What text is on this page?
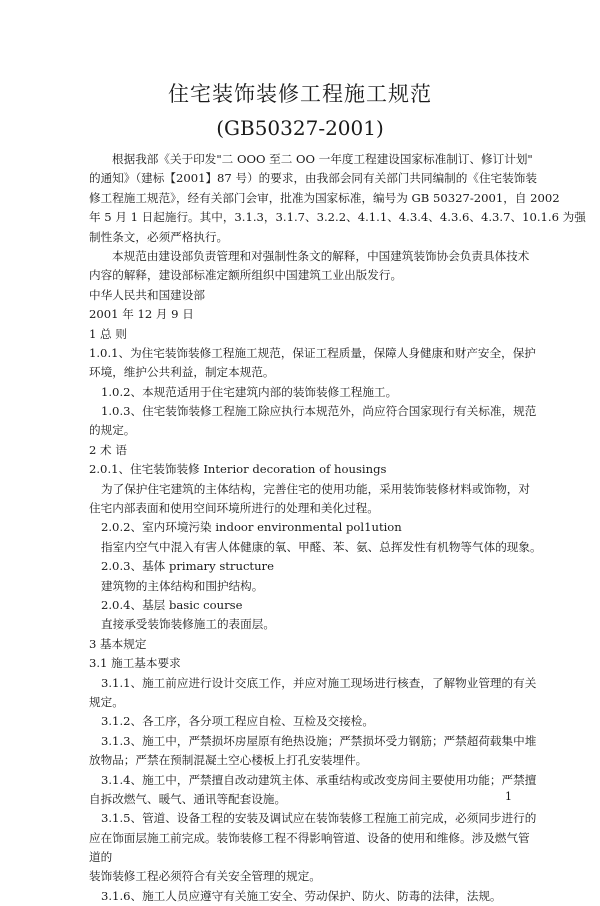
住宅装饰装修工程施工规范
(GB50327-2001)
根据我部《关于印发"二 OOO 至二 OO 一年度工程建设国家标准制订、修订计划"
的通知》（建标【2001】87 号）的要求，由我部会同有关部门共同编制的《住宅装饰装
修工程施工规范》，经有关部门会审，批准为国家标准，编号为 GB 50327-2001，自 2002
年 5 月 1 日起施行。其中，3.1.3，3.1.7、3.2.2、4.1.1、4.3.4、4.3.6、4.3.7、10.1.6 为强
制性条文，必须严格执行。
本规范由建设部负责管理和对强制性条文的解释，中国建筑装饰协会负责具体技术
内容的解释，建设部标准定额所组织中国建筑工业出版发行。
中华人民共和国建设部
2001 年 12 月 9 日
1 总 则
1.0.1、为住宅装饰装修工程施工规范，保证工程质量，保障人身健康和财产安全，保护
环境，维护公共利益，制定本规范。
1.0.2、本规范适用于住宅建筑内部的装饰装修工程施工。
1.0.3、住宅装饰装修工程施工除应执行本规范外，尚应符合国家现行有关标准，规范
的规定。
2 术 语
2.0.1、住宅装饰装修 Interior decoration of housings
为了保护住宅建筑的主体结构，完善住宅的使用功能，采用装饰装修材料或饰物，对
住宅内部表面和使用空间环境所进行的处理和美化过程。
2.0.2、室内环境污染 indoor environmental pol1ution
指室内空气中混入有害人体健康的氧、甲醛、苯、氨、总挥发性有机物等气体的现象。
2.0.3、基体 primary structure
建筑物的主体结构和围护结构。
2.0.4、基层 basic course
直接承受装饰装修施工的表面层。
3 基本规定
3.1 施工基本要求
3.1.1、施工前应进行设计交底工作，并应对施工现场进行核查，了解物业管理的有关
规定。
3.1.2、各工序，各分项工程应自检、互检及交接检。
3.1.3、施工中，严禁损坏房屋原有绝热设施；严禁损坏受力钢筋；严禁超荷载集中堆
放物品；严禁在预制混凝土空心楼板上打孔安装埋件。
3.1.4、施工中，严禁擅自改动建筑主体、承重结构或改变房间主要使用功能；严禁擅
自拆改燃气、暖气、通讯等配套设施。
3.1.5、管道、设备工程的安装及调试应在装饰装修工程施工前完成，必须同步进行的
应在饰面层施工前完成。装饰装修工程不得影响管道、设备的使用和维修。涉及燃气管
道的
装饰装修工程必须符合有关安全管理的规定。
3.1.6、施工人员应遵守有关施工安全、劳动保护、防火、防毒的法律，法规。
1
